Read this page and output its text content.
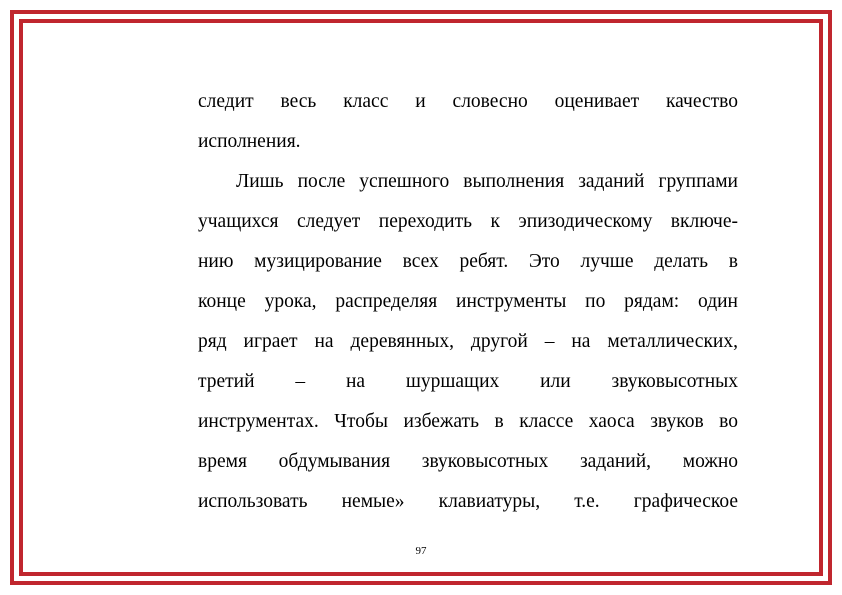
следит весь класс и словесно оценивает качество
исполнения.
Лишь после успешного выполнения заданий группами
учащихся следует переходить к эпизодическому включе-
нию музицирование всех ребят. Это лучше делать в
конце урока, распределяя инструменты по рядам: один
ряд играет на деревянных, другой – на металлических,
третий – на шуршащих или звуковысотных
инструментах. Чтобы избежать в классе хаоса звуков во
время обдумывания звуковысотных заданий, можно
использовать немые» клавиатуры, т.е. графическое
97
